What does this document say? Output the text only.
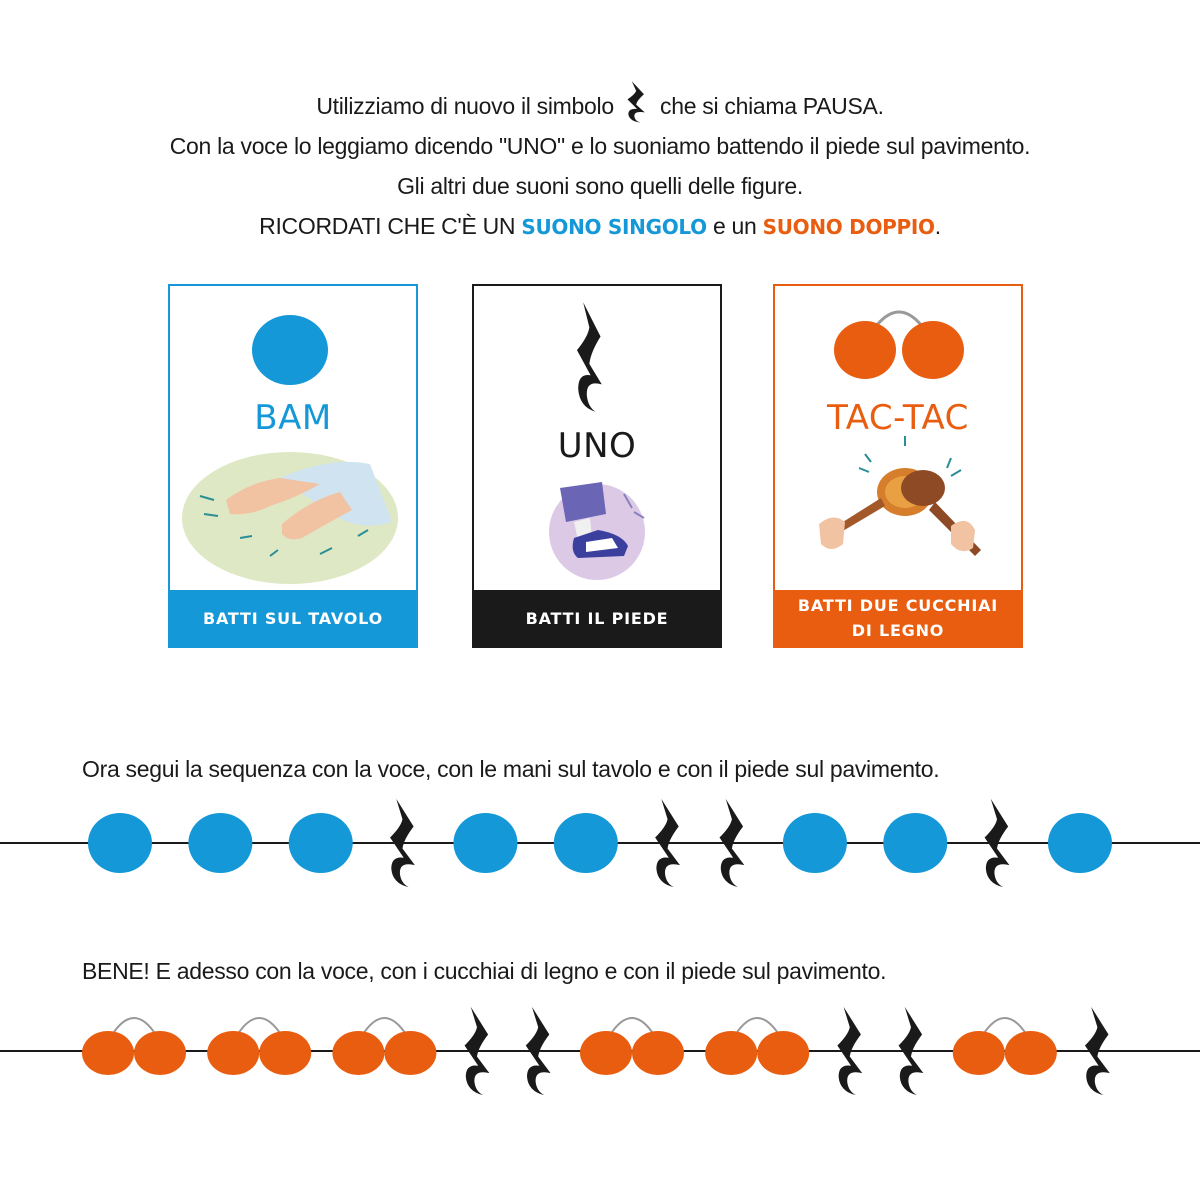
Utilizziamo di nuovo il simbolo che si chiama PAUSA.
Con la voce lo leggiamo dicendo "UNO" e lo suoniamo battendo il piede sul pavimento.
Gli altri due suoni sono quelli delle figure.
RICORDATI CHE C'È UN SUONO SINGOLO e un SUONO DOPPIO.
BAM
BATTI SUL TAVOLO
UNO
BATTI IL PIEDE
TAC-TAC
BATTI DUE CUCCHIAI
DI LEGNO
Ora segui la sequenza con la voce, con le mani sul tavolo e con il piede sul pavimento.
BENE! E adesso con la voce, con i cucchiai di legno e con il piede sul pavimento.
